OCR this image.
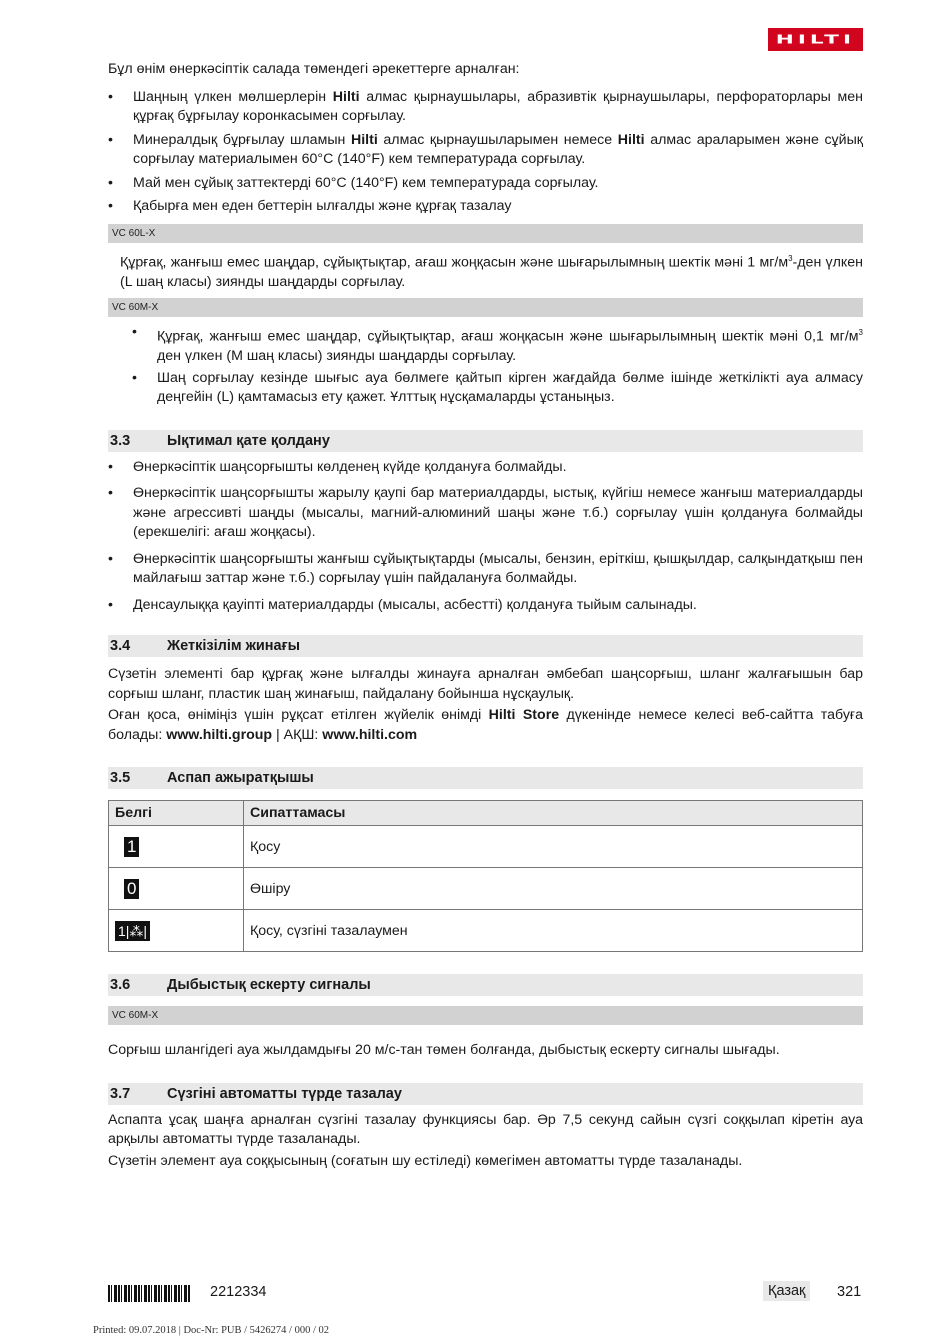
HILTI

Бұл өнім өнеркәсіптік салада төмендегі әрекеттерге арналған:

• Шаңның үлкен мөлшерлерін Hilti алмас қырнаушылары, абразивтік қырнаушылары, перфораторлары мен құрғақ бұрғылау коронкасымен сорғылау.
• Минералдық бұрғылау шламын Hilti алмас қырнаушыларымен немесе Hilti алмас араларымен және сұйық сорғылау материалымен 60°C (140°F) кем температурада сорғылау.
• Май мен сұйық заттектерді 60°C (140°F) кем температурада сорғылау.
• Қабырға мен еден беттерін ылғалды және құрғақ тазалау
VC 60L-X

Құрғақ, жанғыш емес шаңдар, сұйықтықтар, ағаш жоңқасын және шығарылымның шектік мәні 1 $мг/м^3$-ден үлкен (L шаң класы) зиянды шаңдарды сорғылау.

VC 60M-X
• Құрғақ, жанғыш емес шаңдар, сұйықтықтар, ағаш жоңқасын және шығарылымның шектік мәні 0,1 $мг/м^3$ ден үлкен (M шаң класы) зиянды шаңдарды сорғылау.
• Шаң сорғылау кезінде шығыс ауа бөлмеге қайтып кірген жағдайда бөлме ішінде жеткілікті ауа алмасу деңгейін (L) қамтамасыз ету қажет. Ұлттық нұсқамаларды ұстаныңыз.
3.3	Ықтимал қате қолдану
• Өнеркәсіптік шаңсорғышты көлденең күйде қолдануға болмайды.
• Өнеркәсіптік шаңсорғышты жарылу қаупі бар материалдарды, ыстық, күйгіш немесе жанғыш материалдарды және агрессивті шаңды (мысалы, магний-алюминий шаңы және т.б.) сорғылау үшін қолдануға болмайды (ерекшелігі: ағаш жоңқасы).
• Өнеркәсіптік шаңсорғышты жанғыш сұйықтықтарды (мысалы, бензин, еріткіш, қышқылдар, салқындатқыш пен майлағыш заттар және т.б.) сорғылау үшін пайдалануға болмайды.
• Денсаулыққа қауіпті материалдарды (мысалы, асбестті) қолдануға тыйым салынады.
3.4	Жеткізілім жинағы

Сүзетін элементі бар құрғақ және ылғалды жинауға арналған әмбебап шаңсорғыш, шланг жалғағышын бар сорғыш шланг, пластик шаң жинағыш, пайдалану бойынша нұсқаулық.

Оған қоса, өніміңіз үшін рұқсат етілген жүйелік өнімді Hilti Store дүкенінде немесе келесі веб-сайтта табуға болады: www.hilti.group | АҚШ: www.hilti.com

3.5	Аспап ажыратқышы
Белгі	Сипаттамасы
1	Қосу
0	Өшіру
1|⁂|	Қосу, сүзгіні тазалаумен
3.6	Дыбыстық ескерту сигналы
VC 60M-X

Сорғыш шлангідегі ауа жылдамдығы 20 м/с-тан төмен болғанда, дыбыстық ескерту сигналы шығады.

3.7	Сүзгіні автоматты түрде тазалау

Аспапта ұсақ шаңға арналған сүзгіні тазалау функциясы бар. Әр 7,5 секунд сайын сүзгі соққылап кіретін ауа арқылы автоматты түрде тазаланады.

Сүзетін элемент ауа соққысының (соғатын шу естіледі) көмегімен автоматты түрде тазаланады.

2212334	Қазақ	321
Printed: 09.07.2018 | Doc-Nr: PUB / 5426274 / 000 / 02
